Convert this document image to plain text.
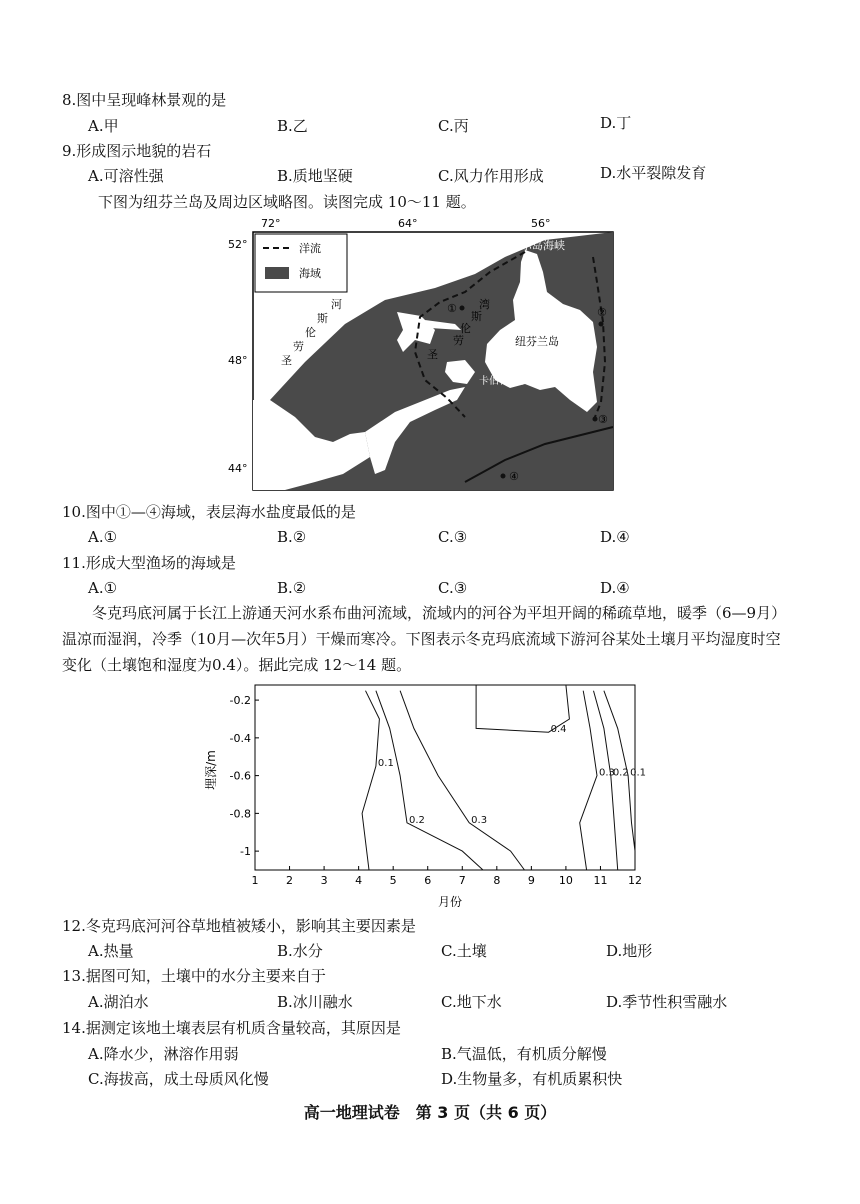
8.图中呈现峰林景观的是
A.甲	B.乙	C.丙	D.丁
9.形成图示地貌的岩石
A.可溶性强	B.质地坚硬	C.风力作用形成	D.水平裂隙发育
下图为纽芬兰岛及周边区域略图。读图完成 10～11 题。
72°	64°	56°
52°
48°
44°
洋流
海域
贝尔岛海峡
纽芬兰岛
卡伯特海峡
圣
劳
伦
斯
河
圣
劳
伦
斯
湾
①	②
③
④
10.图中①—④海域，表层海水盐度最低的是
A.①	B.②	C.③	D.④
11.形成大型渔场的海域是
A.①	B.②	C.③	D.④
冬克玛底河属于长江上游通天河水系布曲河流域，流域内的河谷为平坦开阔的稀疏草地，暖季（6—9月）温凉而湿润，冷季（10月—次年5月）干燥而寒冷。下图表示冬克玛底流域下游河谷某处土壤月平均湿度时空变化（土壤饱和湿度为0.4）。据此完成 12～14 题。
1	2	3	4	5	6	7	8	9 10 11 12
-0.2
-0.4
-0.6
-0.8
-1
0.1
0.2	0.3
0.4
0.3
0.2 0.1
月份
埋深/m
12.冬克玛底河河谷草地植被矮小，影响其主要因素是
A.热量	B.水分	C.土壤	D.地形
13.据图可知，土壤中的水分主要来自于
A.湖泊水	B.冰川融水	C.地下水	D.季节性积雪融水
14.据测定该地土壤表层有机质含量较高，其原因是
A.降水少，淋溶作用弱	B.气温低，有机质分解慢
C.海拔高，成土母质风化慢	D.生物量多，有机质累积快
高一地理试卷　第 3 页（共 6 页）
